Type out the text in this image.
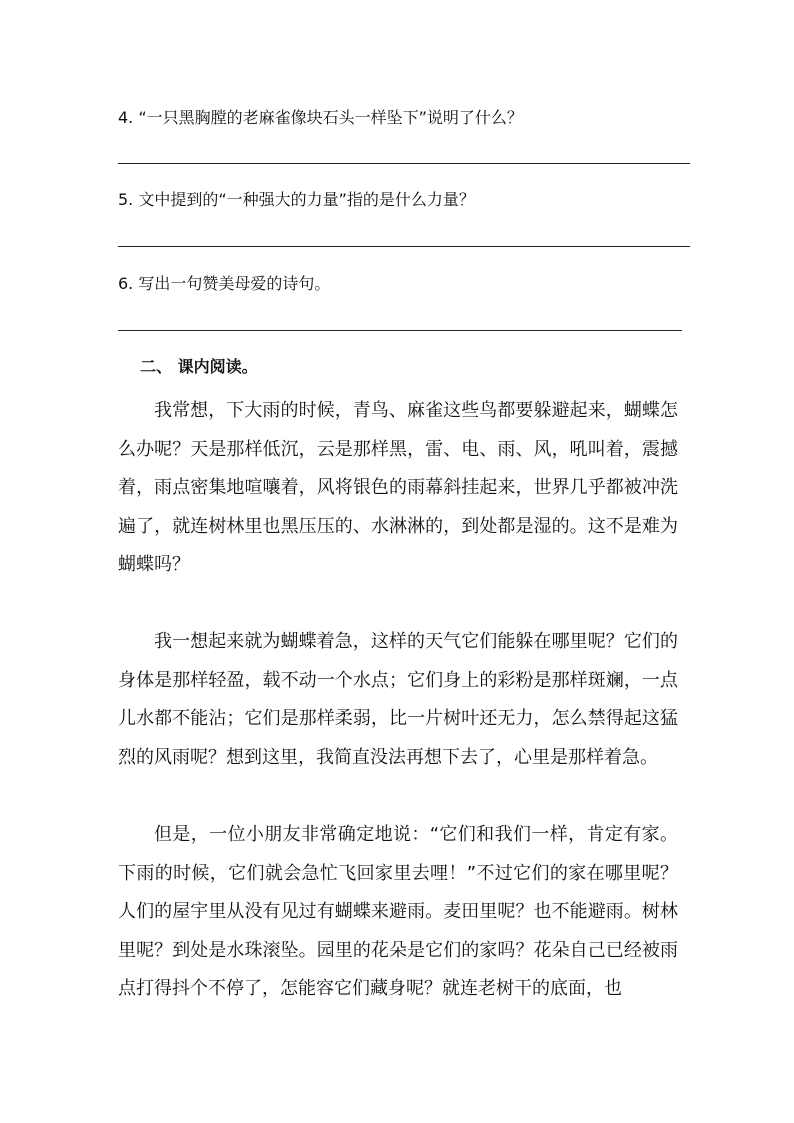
4. “一只黑胸膛的老麻雀像块石头一样坠下”说明了什么？
5. 文中提到的“一种强大的力量”指的是什么力量？
6. 写出一句赞美母爱的诗句。
二、 课内阅读。

我常想，下大雨的时候，青鸟、麻雀这些鸟都要躲避起来，蝴蝶怎么办呢？天是那样低沉，云是那样黑，雷、电、雨、风，吼叫着，震撼着，雨点密集地喧嚷着，风将银色的雨幕斜挂起来，世界几乎都被冲洗遍了，就连树林里也黑压压的、水淋淋的，到处都是湿的。这不是难为蝴蝶吗？

我一想起来就为蝴蝶着急，这样的天气它们能躲在哪里呢？它们的身体是那样轻盈，载不动一个水点；它们身上的彩粉是那样斑斓，一点儿水都不能沾；它们是那样柔弱，比一片树叶还无力，怎么禁得起这猛烈的风雨呢？想到这里，我简直没法再想下去了，心里是那样着急。

但是，一位小朋友非常确定地说：“它们和我们一样，肯定有家。下雨的时候，它们就会急忙飞回家里去哩！”不过它们的家在哪里呢？人们的屋宇里从没有见过有蝴蝶来避雨。麦田里呢？也不能避雨。树林里呢？到处是水珠滚坠。园里的花朵是它们的家吗？花朵自己已经被雨点打得抖个不停了，怎能容它们藏身呢？就连老树干的底面，也
